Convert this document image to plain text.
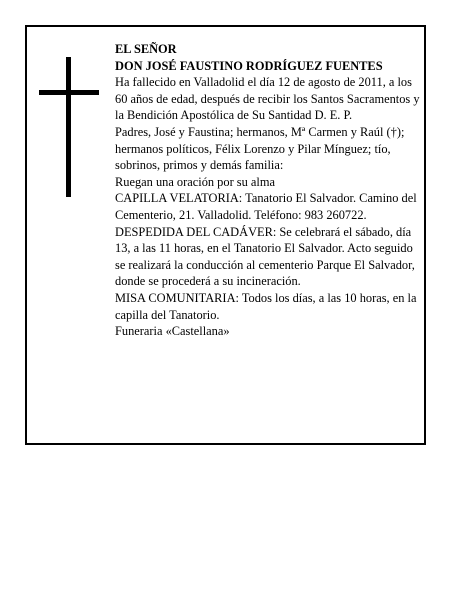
EL SEÑOR

DON JOSÉ FAUSTINO RODRÍGUEZ FUENTES

Ha fallecido en Valladolid el día 12 de agosto de 2011, a los 60 años de edad, después de recibir los Santos Sacramentos y la Bendición Apostólica de Su Santidad D. E. P.

Padres, José y Faustina; hermanos, Mª Carmen y Raúl (†); hermanos políticos, Félix Lorenzo y Pilar Mínguez; tío, sobrinos, primos y demás familia:

Ruegan una oración por su alma

CAPILLA VELATORIA: Tanatorio El Salvador. Camino del Cementerio, 21. Valladolid. Teléfono: 983 260722.

DESPEDIDA DEL CADÁVER: Se celebrará el sábado, día 13, a las 11 horas, en el Tanatorio El Salvador. Acto seguido se realizará la conducción al cementerio Parque El Salvador, donde se procederá a su incineración.

MISA COMUNITARIA: Todos los días, a las 10 horas, en la capilla del Tanatorio.

Funeraria «Castellana»
